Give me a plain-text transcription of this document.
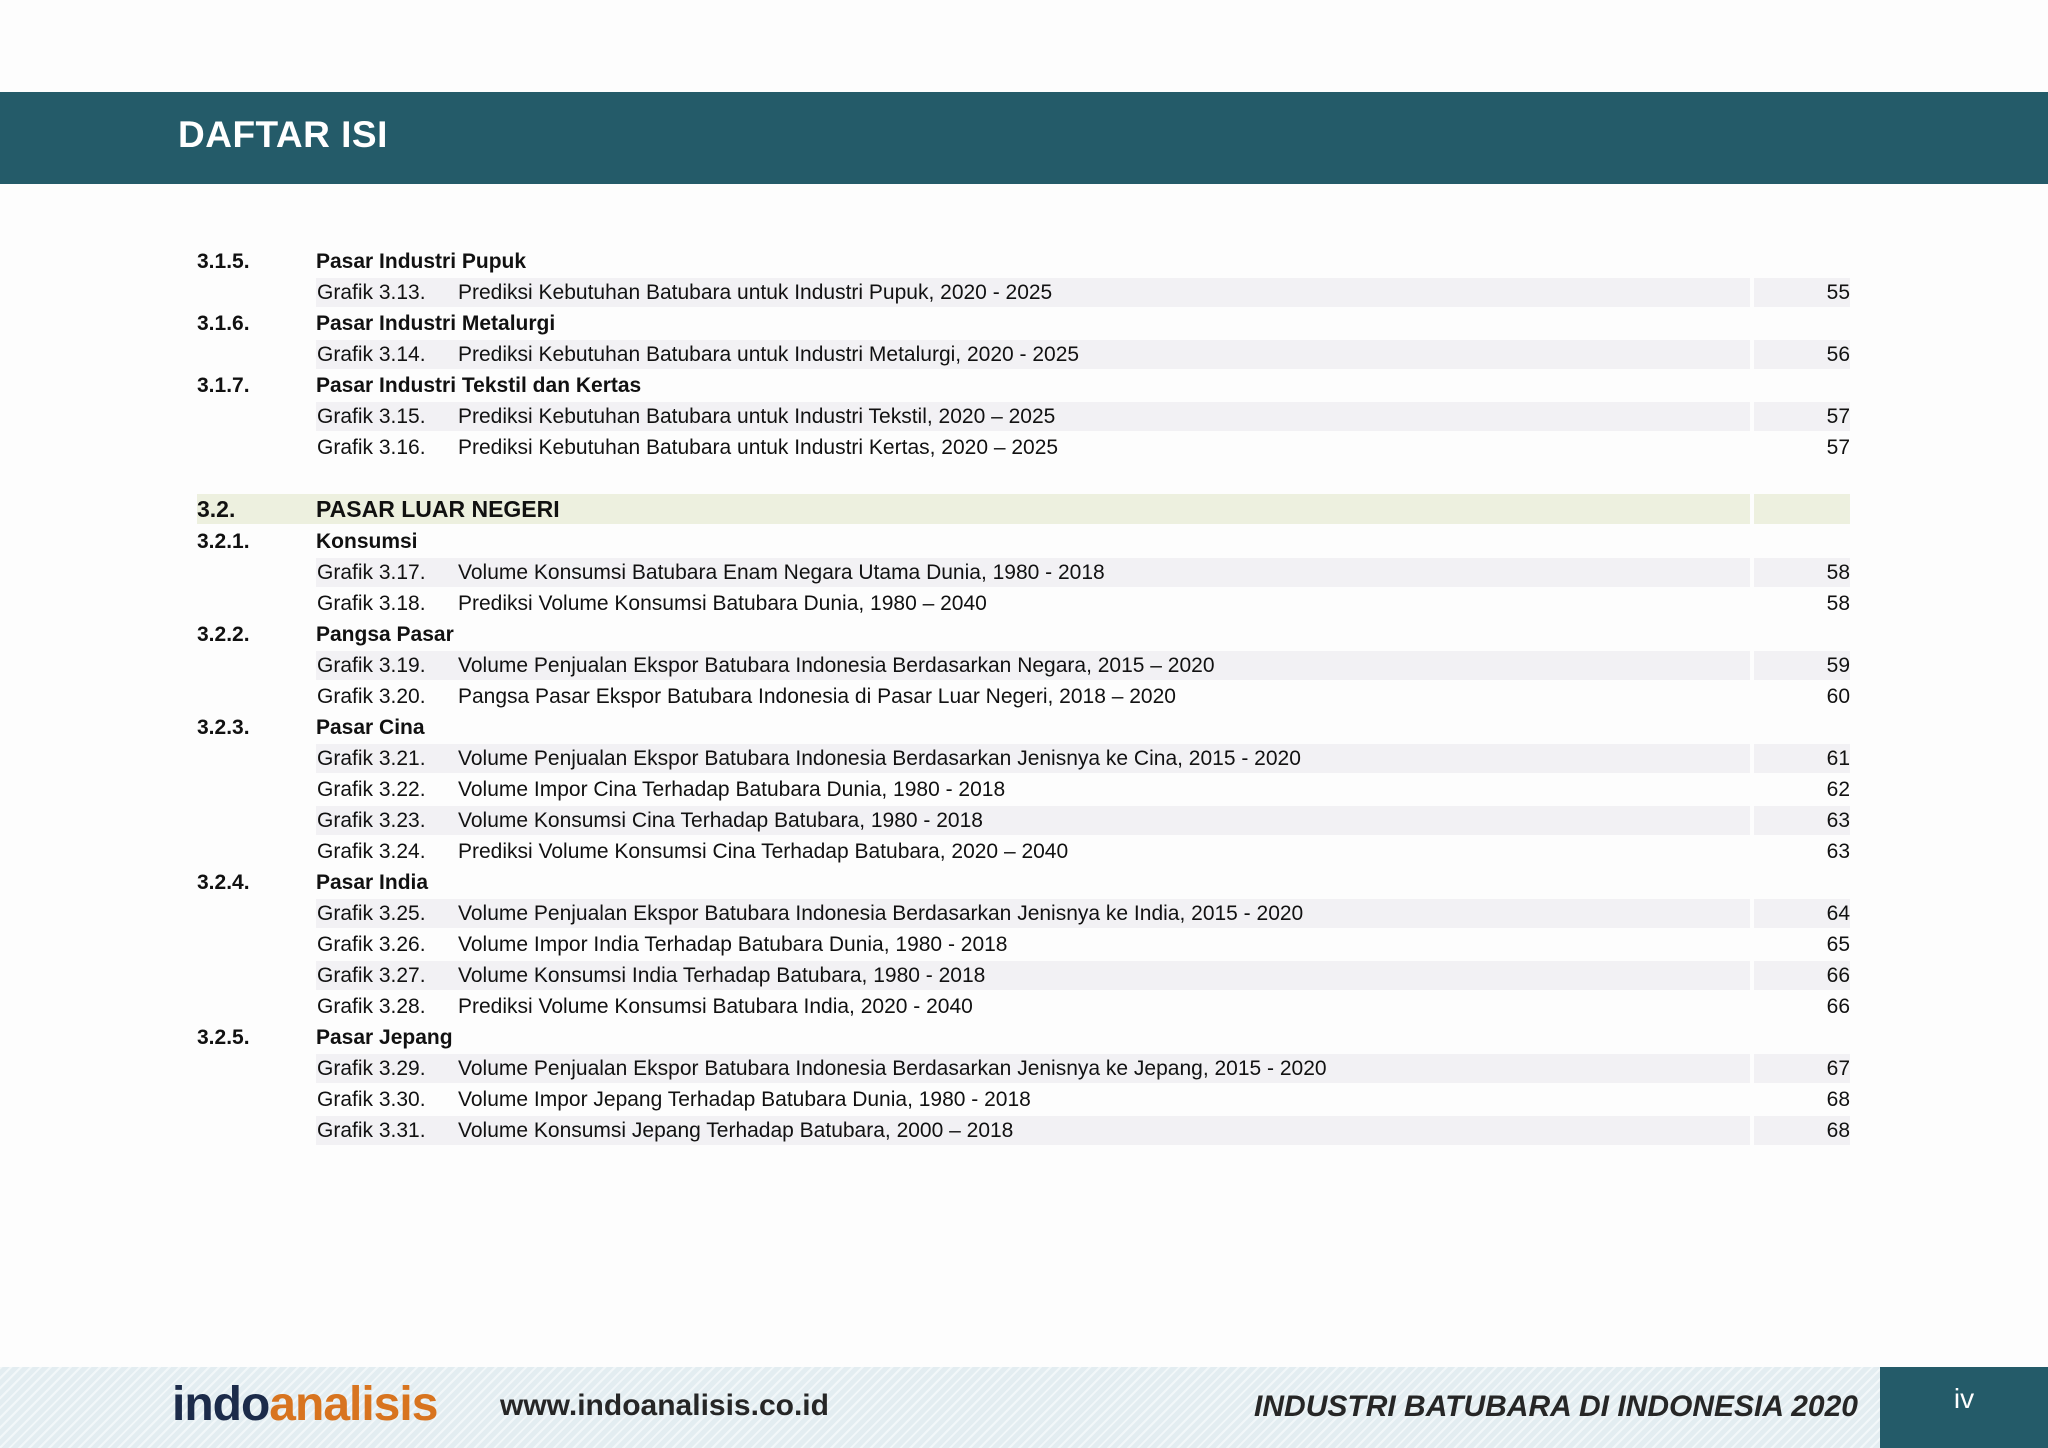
DAFTAR ISI
3.1.5.	Pasar Industri Pupuk
Grafik 3.13. Prediksi Kebutuhan Batubara untuk Industri Pupuk, 2020 - 2025	55
3.1.6.	Pasar Industri Metalurgi
Grafik 3.14. Prediksi Kebutuhan Batubara untuk Industri Metalurgi, 2020 - 2025	56
3.1.7.	Pasar Industri Tekstil dan Kertas
Grafik 3.15. Prediksi Kebutuhan Batubara untuk Industri Tekstil, 2020 – 2025	57
Grafik 3.16. Prediksi Kebutuhan Batubara untuk Industri Kertas, 2020 – 2025	57
3.2.	PASAR LUAR NEGERI
3.2.1.	Konsumsi
Grafik 3.17. Volume Konsumsi Batubara Enam Negara Utama Dunia, 1980 - 2018	58
Grafik 3.18. Prediksi Volume Konsumsi Batubara Dunia, 1980 – 2040	58
3.2.2.	Pangsa Pasar
Grafik 3.19. Volume Penjualan Ekspor Batubara Indonesia Berdasarkan Negara, 2015 – 2020	59
Grafik 3.20. Pangsa Pasar Ekspor Batubara Indonesia di Pasar Luar Negeri, 2018 – 2020	60
3.2.3.	Pasar Cina
Grafik 3.21. Volume Penjualan Ekspor Batubara Indonesia Berdasarkan Jenisnya ke Cina, 2015 - 2020	61
Grafik 3.22. Volume Impor Cina Terhadap Batubara Dunia, 1980 - 2018	62
Grafik 3.23. Volume Konsumsi Cina Terhadap Batubara, 1980 - 2018	63
Grafik 3.24. Prediksi Volume Konsumsi Cina Terhadap Batubara, 2020 – 2040	63
3.2.4.	Pasar India
Grafik 3.25. Volume Penjualan Ekspor Batubara Indonesia Berdasarkan Jenisnya ke India, 2015 - 2020	64
Grafik 3.26. Volume Impor India Terhadap Batubara Dunia, 1980 - 2018	65
Grafik 3.27. Volume Konsumsi India Terhadap Batubara, 1980 - 2018	66
Grafik 3.28. Prediksi Volume Konsumsi Batubara India, 2020 - 2040	66
3.2.5.	Pasar Jepang
Grafik 3.29. Volume Penjualan Ekspor Batubara Indonesia Berdasarkan Jenisnya ke Jepang, 2015 - 2020	67
Grafik 3.30. Volume Impor Jepang Terhadap Batubara Dunia, 1980 - 2018	68
Grafik 3.31. Volume Konsumsi Jepang Terhadap Batubara, 2000 – 2018	68
indoanalisis www.indoanalisis.co.id	INDUSTRI BATUBARA DI INDONESIA 2020	iv
